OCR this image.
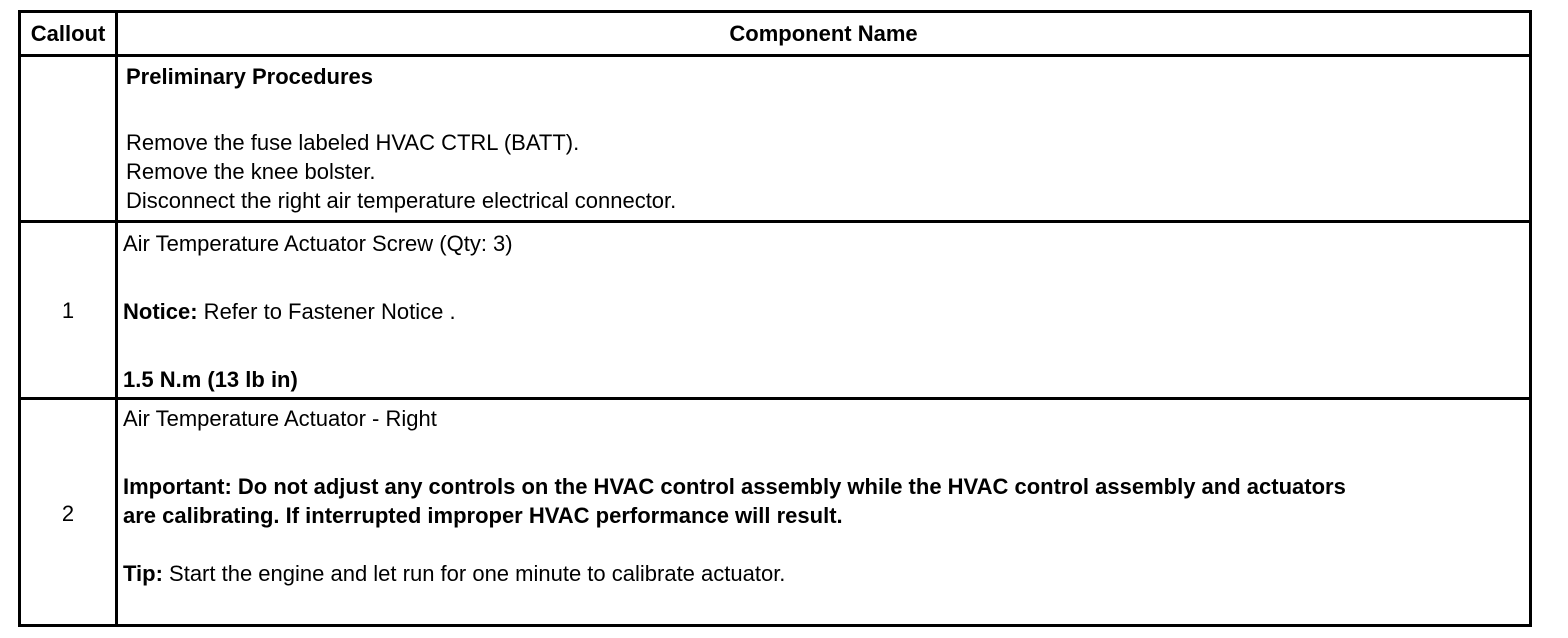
Callout	Component Name
Preliminary Procedures
Remove the fuse labeled HVAC CTRL (BATT).
Remove the knee bolster.
Disconnect the right air temperature electrical connector.
1
Air Temperature Actuator Screw (Qty: 3)
Notice: Refer to Fastener Notice .
1.5 N.m (13 lb in)
2
Air Temperature Actuator - Right
Important: Do not adjust any controls on the HVAC control assembly while the HVAC control assembly and actuators
are calibrating. If interrupted improper HVAC performance will result.
Tip: Start the engine and let run for one minute to calibrate actuator.
